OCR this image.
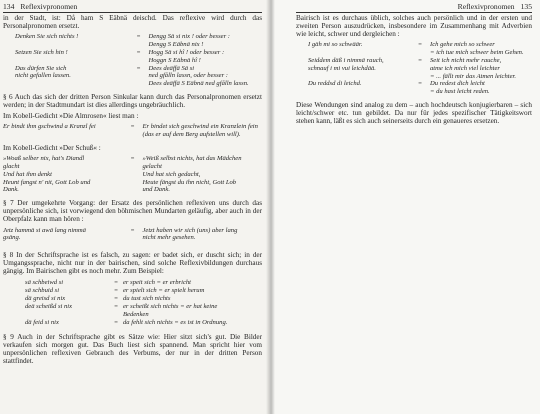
134 Reflexivpronomen

in der Stadt, ist: Då ham S Eäbnä deischd. Das reflexive wird durch das Personalpronomen ersetzt.

Denken Sie sich nichts !	=	Dengg Sä si nix ! oder besser :
Dengg S Eäbnä nix !
Setzen Sie sich hin !	=	Hogg Sä si hî ! oder besser :
Hoggn S Eäbnä hî !
Das dürfen Sie sich	=	Dees deäffä Sä si
nicht gefallen lassen.	ned gfålln lassn, oder besser :
Dees deäffä S Eäbnä ned gfålln lassn.

§ 6 Auch das sich der dritten Person Sinkular kann durch das Personalpronomen ersetzt werden; in der Stadtmundart ist dies allerdings ungebräuchlich.

Im Kobell-Gedicht »Die Almrosen« liest man :

Er bindt ihm gschwind a Kranzl fei	=	Er bindet sich geschwind ein Kranzlein fein (das er auf dem Berg aufstellen will).

Im Kobell-Gedicht »Der Schuß« :

»Woaß selber nix, hat's Diandl	=	»Weiß selbst nichts, hat das Mädchen
glacht	gelacht
Und hat ihm denkt	Und hat sich gedacht,
Heunt fangst n' nit, Gott Lob und	Heute fängst du ihn nicht, Gott Lob
Dank.	und Dank.

§ 7 Der umgekehrte Vorgang: der Ersatz des persönlichen reflexiven uns durch das unpersönliche sich, ist vorwiegend den böhmischen Mundarten geläufig, aber auch in der Oberpfalz kann man hören :

Jetz hammä si awä lang nimmä	=	Jetzt haben wir sich (uns) aber lang
gsäng.	nicht mehr gesehen.

§ 8 In der Schriftsprache ist es falsch, zu sagen: er badet sich, er duscht sich; in der Umgangssprache, nicht nur in der bairischen, sind solche Reflexivbildungen durchaus gängig. Im Bairischen gibt es noch mehr. Zum Beispiel:

sä schbeiwd si	= er speit sich = er erbricht
sä schbuid si	= er spielt sich = er spielt herum
dä greisd si nix	= du tust sich nichts
deä scheißd si nix	= er scheißt sich nichts = er hat keine
Bedenken
dä feid si nix	= da fehlt sich nichts = es ist in Ordnung.

§ 9 Auch in der Schriftsprache gibt es Sätze wie: Hier sitzt sich's gut. Die Bilder verkaufen sich morgen gut. Das Buch liest sich spannend. Man spricht hier vom unpersönlichen reflexiven Gebrauch des Verbums, der nur in der dritten Person stattfindet.

Reflexivpronomen 135

Bairisch ist es durchaus üblich, solches auch persönlich und in der ersten und zweiten Person auszudrücken, insbesondere im Zusammenhang mit Adverbien wie leicht, schwer und dergleichen :

I gäh mi so schwäär.	=	Ich gehe mich so schwer
= ich tue mich schwer beim Gehen.
Seiddem däß i nimmä rauch,	=	Seit ich nicht mehr rauche,
schnauf i mi vui leichdää.	atme ich mich viel leichter
= ... fällt mir das Atmen leichter.
Du reddsd di leichd.	=	Du redest dich leicht
= du hast leicht reden.

Diese Wendungen sind analog zu dem – auch hochdeutsch konjugierbaren – sich leicht/schwer etc. tun gebildet. Da nur für jedes spezifischer Tätigkeitswort stehen kann, läßt es sich auch seinerseits durch ein genaueres ersetzen.
